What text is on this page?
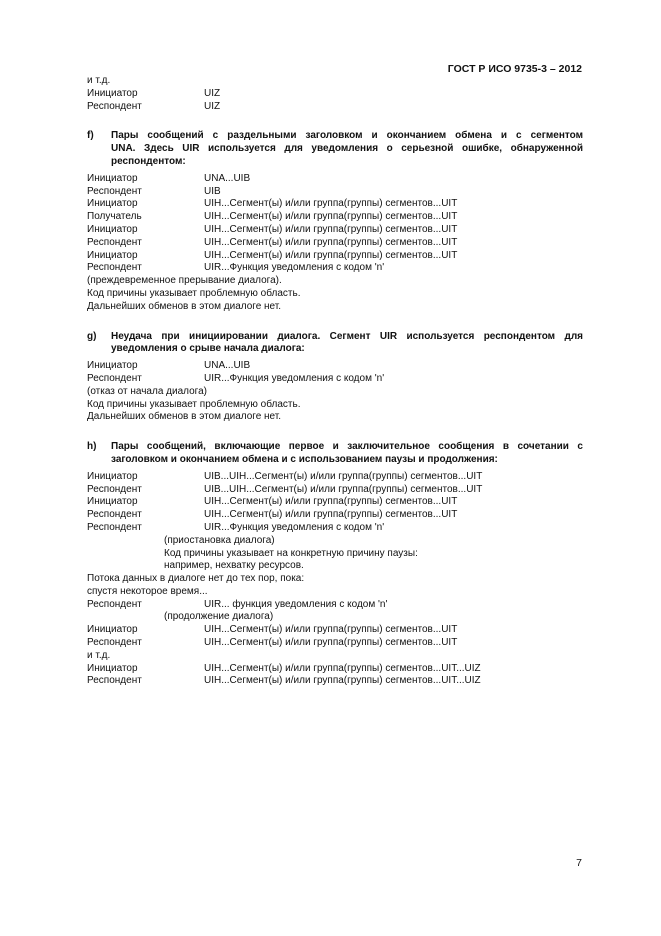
ГОСТ Р ИСО 9735-3 – 2012
и т.д.
Инициатор	UIZ
Респондент	UIZ
f)	Пары сообщений с раздельными заголовком и окончанием обмена и с сегментом
UNA. Здесь UIR используется для уведомления о серьезной ошибке, обнаруженной
респондентом:
Инициатор	UNA...UIB
Респондент	UIB
Инициатор	UIH...Сегмент(ы) и/или группа(группы) сегментов...UIT
Получатель	UIH...Сегмент(ы) и/или группа(группы) сегментов...UIT
Инициатор	UIH...Сегмент(ы) и/или группа(группы) сегментов...UIT
Респондент	UIH...Сегмент(ы) и/или группа(группы) сегментов...UIT
Инициатор	UIH...Сегмент(ы) и/или группа(группы) сегментов...UIT
Респондент	UIR...Функция уведомления с кодом 'n'
(преждевременное прерывание диалога).
Код причины указывает проблемную область.
Дальнейших обменов в этом диалоге нет.
g)	Неудача при инициировании диалога. Сегмент UIR используется респондентом для
уведомления о срыве начала диалога:
Инициатор	UNA...UIB
Респондент	UIR...Функция уведомления с кодом 'n'
(отказ от начала диалога)
Код причины указывает проблемную область.
Дальнейших обменов в этом диалоге нет.
h)	Пары сообщений, включающие первое и заключительное сообщения в сочетании с
заголовком и окончанием обмена и с использованием паузы и продолжения:
Инициатор	UIB...UIH...Сегмент(ы) и/или группа(группы) сегментов...UIT
Респондент	UIB...UIH...Сегмент(ы) и/или группа(группы) сегментов...UIT
Инициатор	UIH...Сегмент(ы) и/или группа(группы) сегментов...UIT
Респондент	UIH...Сегмент(ы) и/или группа(группы) сегментов...UIT
Респондент	UIR...Функция уведомления с кодом 'n'
(приостановка диалога)
Код причины указывает на конкретную причину паузы:
например, нехватку ресурсов.
Потока данных в диалоге нет до тех пор, пока:
спустя некоторое время...
Респондент	UIR... функция уведомления с кодом 'n'
(продолжение диалога)
Инициатор	UIH...Сегмент(ы) и/или группа(группы) сегментов...UIT
Респондент	UIH...Сегмент(ы) и/или группа(группы) сегментов...UIT
и т.д.
Инициатор	UIH...Сегмент(ы) и/или группа(группы) сегментов...UIT...UIZ
Респондент	UIH...Сегмент(ы) и/или группа(группы) сегментов...UIT...UIZ
7
